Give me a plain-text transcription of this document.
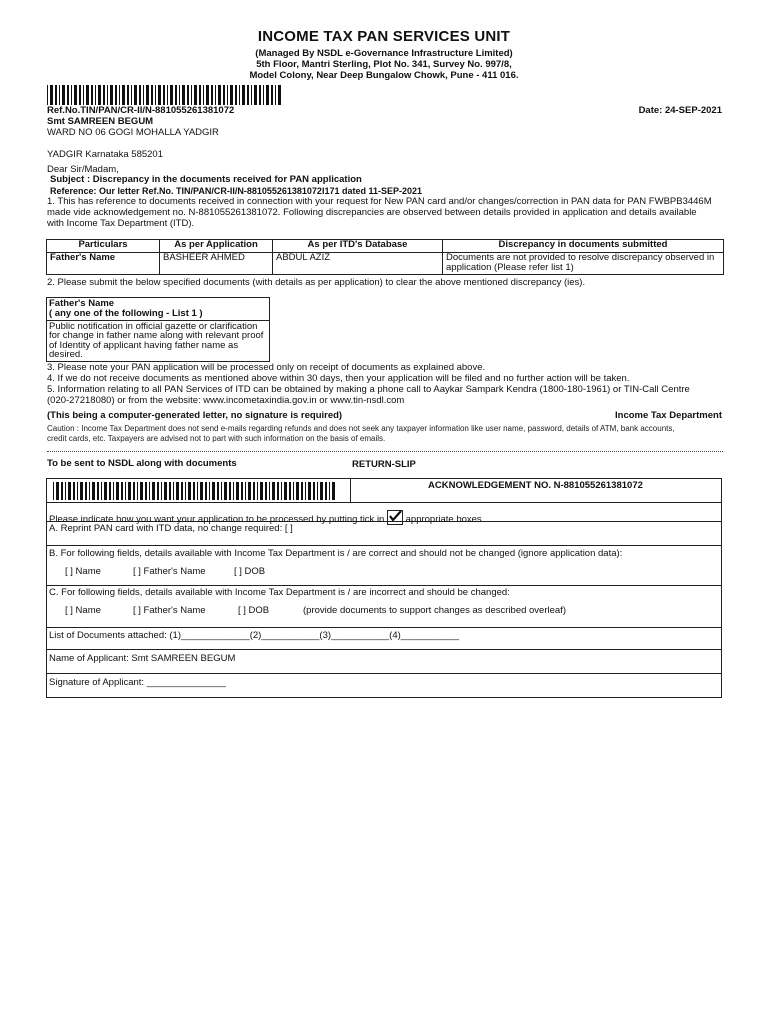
INCOME TAX PAN SERVICES UNIT
(Managed By NSDL e-Governance Infrastructure Limited)
5th Floor, Mantri Sterling, Plot No. 341, Survey No. 997/8,
Model Colony, Near Deep Bungalow Chowk, Pune - 411 016.
Ref.No.TIN/PAN/CR-II/N-881055261381072	Date: 24-SEP-2021
Smt SAMREEN BEGUM
WARD NO 06 GOGI MOHALLA YADGIR
YADGIR Karnataka 585201
Dear Sir/Madam,
Subject : Discrepancy in the documents received for PAN application
Reference: Our letter Ref.No. TIN/PAN/CR-II/N-881055261381072I171 dated 11-SEP-2021
1. This has reference to documents received in connection with your request for New PAN card and/or changes/correction in PAN data for PAN FWBPB3446M
made vide acknowledgement no. N-881055261381072. Following discrepancies are observed between details provided in application and details available
with Income Tax Department (ITD).
Particulars	As per Application	As per ITD's Database	Discrepancy in documents submitted
Father's Name	BASHEER AHMED	ABDUL AZIZ	Documents are not provided to resolve discrepancy observed in application (Please refer list 1)
2. Please submit the below specified documents (with details as per application) to clear the above mentioned discrepancy (ies).
Father's Name
( any one of the following - List 1 )
Public notification in official gazette or clarification for change in father name along with relevant proof of Identity of applicant having father name as desired.
3. Please note your PAN application will be processed only on receipt of documents as explained above.
4. If we do not receive documents as mentioned above within 30 days, then your application will be filed and no further action will be taken.
5. Information relating to all PAN Services of ITD can be obtained by making a phone call to Aaykar Sampark Kendra (1800-180-1961) or TIN-Call Centre
(020-27218080) or from the website: www.incometaxindia.gov.in or www.tin-nsdl.com
(This being a computer-generated letter, no signature is required)	Income Tax Department
Caution : Income Tax Department does not send e-mails regarding refunds and does not seek any taxpayer information like user name, password, details of ATM, bank accounts,
credit cards, etc. Taxpayers are advised not to part with such information on the basis of emails.
To be sent to NSDL along with documents	RETURN-SLIP
ACKNOWLEDGEMENT NO. N-881055261381072
Please indicate how you want your application to be processed by putting tick in appropriate boxes.
A. Reprint PAN card with ITD data, no change required: [ ]
B. For following fields, details available with Income Tax Department is / are correct and should not be changed (ignore application data):
[ ] Name	[ ] Father's Name	[ ] DOB
C. For following fields, details available with Income Tax Department is / are incorrect and should be changed:
[ ] Name	[ ] Father's Name	[ ] DOB	(provide documents to support changes as described overleaf)
List of Documents attached: (1)_____________(2)___________(3)___________(4)___________
Name of Applicant: Smt SAMREEN BEGUM
Signature of Applicant: _______________
